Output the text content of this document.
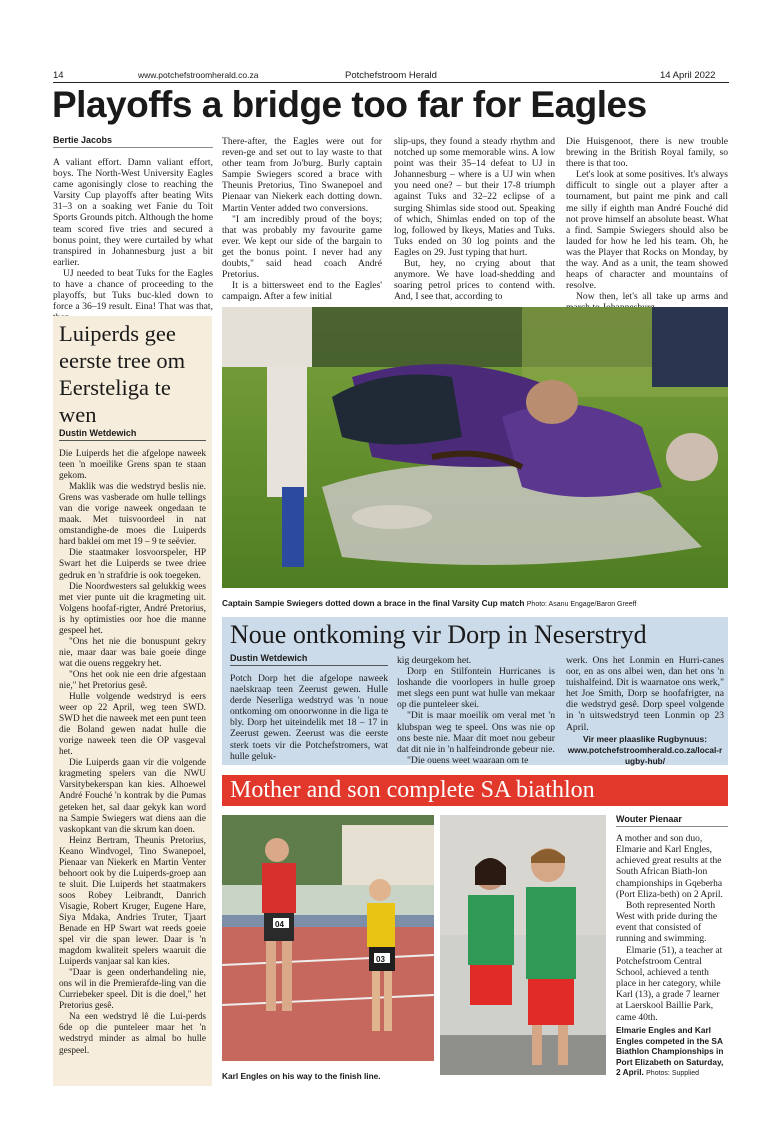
14	www.potchefstroomherald.co.za	Potchefstroom Herald	14 April 2022
Playoffs a bridge too far for Eagles
Bertie Jacobs

A valiant effort. Damn valiant effort, boys. The North-West University Eagles came agonisingly close to reaching the Varsity Cup playoffs after beating Wits 31–3 on a soaking wet Fanie du Toit Sports Grounds pitch. Although the home team scored five tries and secured a bonus point, they were curtailed by what transpired in Johannesburg just a bit earlier.

UJ needed to beat Tuks for the Eagles to have a chance of proceeding to the playoffs, but Tuks buc-kled down to force a 36–19 result. Eina! That was that,

There-after, the Eagles were out for reven-ge and set out to lay waste to that other team from Jo'burg. Burly captain Sampie Swiegers scored a brace with Theunis Pretorius, Tino Swanepoel and Pienaar van Niekerk each dotting down. Martin Venter added two conversions.

"I am incredibly proud of the boys; that was probably my favourite game ever. We kept our side of the bargain to get the bonus point. I never had any doubts," said head coach André Pretorius.

It is a bittersweet end to the Eagles' campaign. After a few initial

slip-ups, they found a steady rhythm and notched up some memorable wins. A low point was their 35–14 defeat to UJ in Johannesburg – where is a UJ win when you need one? – but their 17-8 triumph against Tuks and 32–22 eclipse of a surging Shimlas side stood out. Speaking of which, Shimlas ended on top of the log, followed by Ikeys, Maties and Tuks. Tuks ended on 30 log points and the Eagles on 29. Just typing that hurt.

But, hey, no crying about that anymore. We have load-shedding and soaring petrol prices to contend with. And, I see that, according to

Die Huisgenoot, there is new trouble brewing in the British Royal family, so there is that too.

Let's look at some positives. It's always difficult to single out a player after a tournament, but paint me pink and call me silly if eighth man André Fouché did not prove himself an absolute beast. What a find. Sampie Swiegers should also be lauded for how he led his team. Oh, he was the Player that Rocks on Monday, by the way. And as a unit, the team showed heaps of character and mountains of resolve.

Now then, let's all take up arms and

Luiperds gee eerste tree om Eersteliga te wen
Dustin Wetdewich

Die Luiperds het die afgelope naweek teen 'n moeilike Grens span te staan gekom.

Maklik was die wedstryd beslis nie. Grens was vasberade om hulle tellings van die vorige naweek ongedaan te maak. Met tuisvoordeel in nat omstandighe-de moes die Luiperds hard baklei om met 19 – 9 te seëvier.

Die staatmaker losvoorspeler, HP Swart het die Luiperds se twee driee gedruk en 'n strafdrie is ook toegeken.

Die Noordwesters sal gelukkig wees met vier punte uit die kragmeting uit. Volgens hoofaf-rigter, André Pretorius, is hy optimisties oor hoe die manne gespeel het.

"Ons het nie die bonuspunt gekry nie, maar daar was baie goeie dinge wat die ouens reggekry het.

"Ons het ook nie een drie afgestaan nie," het Pretorius gesê.

Hulle volgende wedstryd is eers weer op 22 April, weg teen SWD. SWD het die naweek met een punt teen die Boland gewen nadat hulle die vorige naweek teen die OP vasgeval het.

Die Luiperds gaan vir die volgende kragmeting spelers van die NWU Varsitybekerspan kan kies. Alhoewel André Fouché 'n kontrak by die Pumas geteken het, sal daar gekyk kan word na Sampie Swiegers wat diens aan die vaskopkant van die skrum kan doen.

Heinz Bertram, Theunis Pretorius, Keano Windvogel, Tino Swanepoel, Pienaar van Niekerk en Martin Venter behoort ook by die Luiperds-groep aan te sluit. Die Luiperds het staatmakers soos Robey Leibrandt, Danrich Visagie, Robert Kruger, Eugene Hare, Siya Mdaka, Andries Truter, Tjaart Benade en HP Swart wat reeds goeie spel vir die span lewer. Daar is 'n magdom kwaliteit spelers waaruit die Luiperds vanjaar sal kan kies.

"Daar is geen onderhandeling nie, ons wil in die Premierafde-ling van die Curriebeker speel. Dit is die doel," het Pretorius gesê.

Na een wedstryd lê die Lui-perds 6de op die punteleer maar het 'n wedstryd minder as almal bo hulle gespeel.

Captain Sampie Swiegers dotted down a brace in the final Varsity Cup match Photo: Asanu Engage/Baron Greeff
Noue ontkoming vir Dorp in Neserstryd
Dustin Wetdewich

Potch Dorp het die afgelope naweek naelskraap teen Zeerust gewen. Hulle derde Neserliga wedstryd was 'n noue ontkoming om onoorwonne in die liga te bly. Dorp het uiteindelik met 18 – 17 in Zeerust gewen. Zeerust was die eerste sterk toets vir die Potchefstromers, wat hulle geluk-

kig deurgekom het.

Dorp en Stilfontein Hurricanes is loshande die voorlopers in hulle groep met slegs een punt wat hulle van mekaar op die punteleer skei.

"Dit is maar moeilik om veral met 'n klubspan weg te speel. Ons was nie op ons beste nie. Maar dit moet nou gebeur dat dit nie in 'n halfeindronde gebeur nie.

"Die ouens weet waaraan om te

werk. Ons het Lonmin en Hurri-canes oor, en as ons albei wen, dan het ons 'n tuishalfeind. Dit is waarnatoe ons werk," het Joe Smith, Dorp se hoofafrigter, na die wedstryd gesê. Dorp speel volgende in 'n uitswedstryd teen Lonmin op 23 April.

Vir meer plaaslike Rugbynuus:

www.potchefstroomherald.co.za/local-rugby-hub/

Mother and son complete SA biathlon
04
03
Karl Engles on his way to the finish line.
Wouter Pienaar

A mother and son duo, Elmarie and Karl Engles, achieved great results at the South African Biath-lon championships in Gqeberha (Port Eliza-beth) on 2 April.

Both represented North West with pride during the event that consisted of running and swimming.

Elmarie (51), a teacher at Potchefstroom Central School, achieved a tenth place in her category, while Karl (13), a grade 7 learner at Laerskool Baillie Park, came 40th.

Elmarie Engles and Karl Engles competed in the SA Biathlon Championships in Port Elizabeth on Saturday, 2 April. Photos: Supplied
